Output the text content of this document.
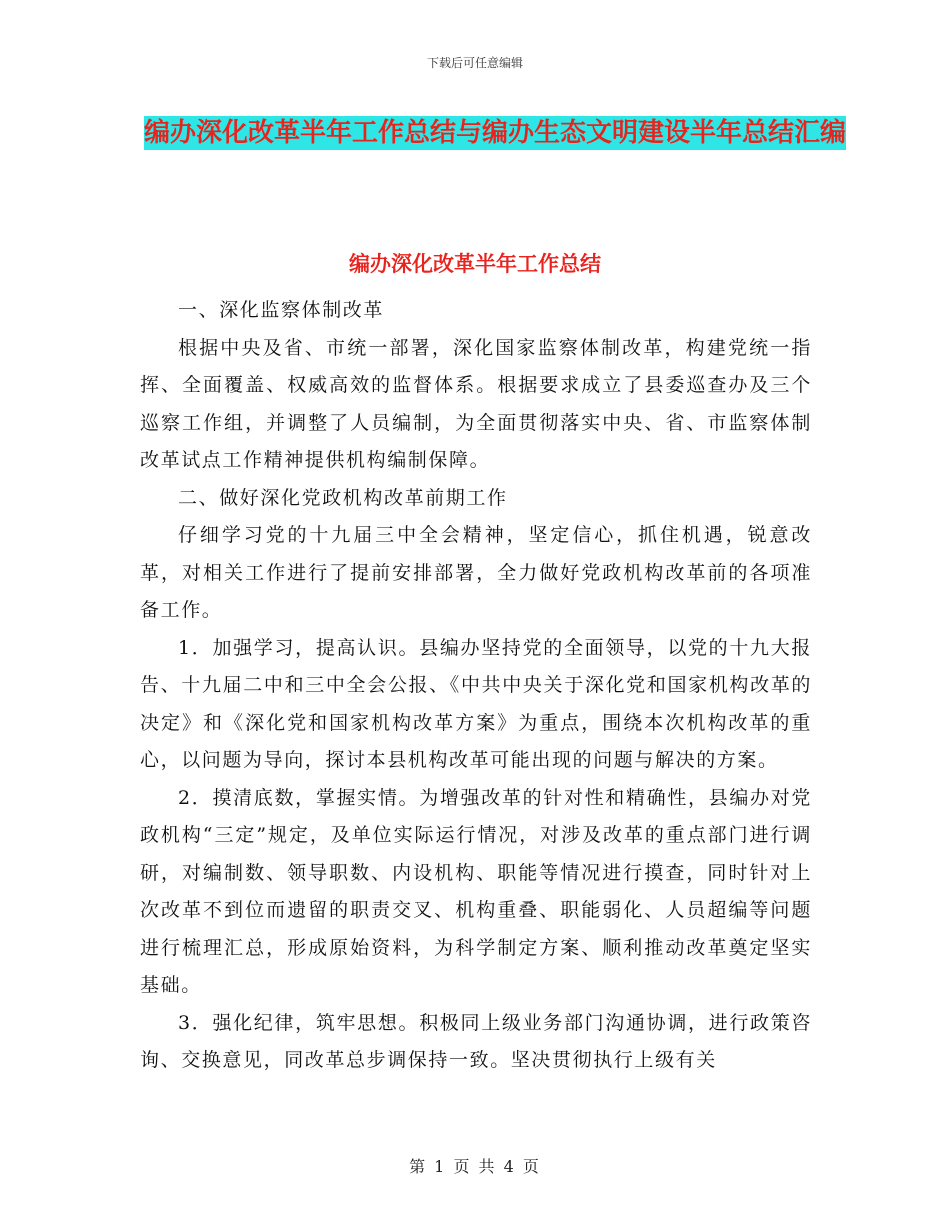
下载后可任意编辑
编办深化改革半年工作总结与编办生态文明建设半年总结汇编
编办深化改革半年工作总结

一、深化监察体制改革

根据中央及省、市统一部署，深化国家监察体制改革，构建党统一指挥、全面覆盖、权威高效的监督体系。根据要求成立了县委巡查办及三个巡察工作组，并调整了人员编制，为全面贯彻落实中央、省、市监察体制改革试点工作精神提供机构编制保障。

二、做好深化党政机构改革前期工作

仔细学习党的十九届三中全会精神，坚定信心，抓住机遇，锐意改革，对相关工作进行了提前安排部署，全力做好党政机构改革前的各项准备工作。

1．加强学习，提高认识。县编办坚持党的全面领导，以党的十九大报告、十九届二中和三中全会公报、《中共中央关于深化党和国家机构改革的决定》和《深化党和国家机构改革方案》为重点，围绕本次机构改革的重心，以问题为导向，探讨本县机构改革可能出现的问题与解决的方案。

2．摸清底数，掌握实情。为增强改革的针对性和精确性，县编办对党政机构“三定”规定，及单位实际运行情况，对涉及改革的重点部门进行调研，对编制数、领导职数、内设机构、职能等情况进行摸查，同时针对上次改革不到位而遗留的职责交叉、机构重叠、职能弱化、人员超编等问题进行梳理汇总，形成原始资料，为科学制定方案、顺利推动改革奠定坚实基础。

3．强化纪律，筑牢思想。积极同上级业务部门沟通协调，进行政策咨询、交换意见，同改革总步调保持一致。坚决贯彻执行上级有关

第 1 页 共 4 页
